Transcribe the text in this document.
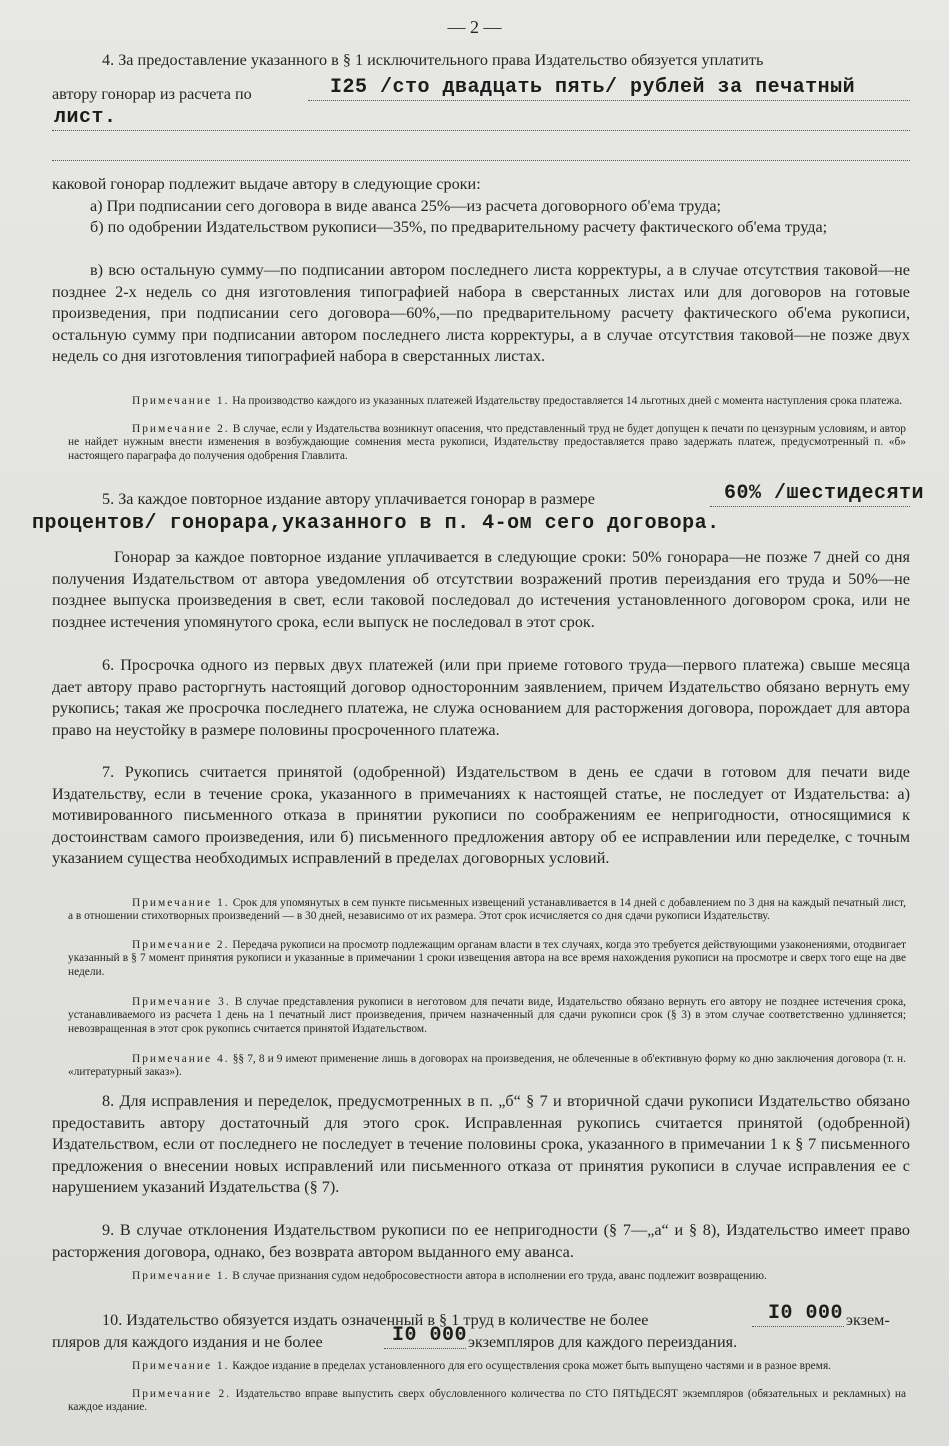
— 2 —

4. За предоставление указанного в § 1 исключительного права Издательство обязуется уплатить

автору гонорар из расчета по	I25 /сто двадцать пять/ рублей за печатный
лист.

каковой гонорар подлежит выдаче автору в следующие сроки:

а) При подписании сего договора в виде аванса 25%—из расчета договорного об'ема труда;

б) по одобрении Издательством рукописи—35%, по предварительному расчету фактического об'ема труда;

в) всю остальную сумму—по подписании автором последнего листа корректуры, а в случае отсутствия таковой—не позднее 2-х недель со дня изготовления типографией набора в сверстанных листах или для договоров на готовые произведения, при подписании сего договора—60%,—по предварительному расчету фактического об'ема рукописи, остальную сумму при подписании автором последнего листа корректуры, а в случае отсутствия таковой—не позже двух недель со дня изготовления типографией набора в сверстанных листах.

Примечание 1. На производство каждого из указанных платежей Издательству предоставляется 14 льготных дней с момента наступления срока платежа.

Примечание 2. В случае, если у Издательства возникнут опасения, что представленный труд не будет допущен к печати по цензурным условиям, и автор не найдет нужным внести изменения в возбуждающие сомнения места рукописи, Издательству предоставляется право задержать платеж, предусмотренный п. «б» настоящего параграфа до получения одобрения Главлита.

5. За каждое повторное издание автору уплачивается гонорар в размере	60% /шестидесяти
процентов/ гонорара,указанного в п. 4-ом сего договора.

Гонорар за каждое повторное издание уплачивается в следующие сроки: 50% гонорара—не позже 7 дней со дня получения Издательством от автора уведомления об отсутствии возражений против переиздания его труда и 50%—не позднее выпуска произведения в свет, если таковой последовал до истечения установленного договором срока, или не позднее истечения упомянутого срока, если выпуск не последовал в этот срок.

6. Просрочка одного из первых двух платежей (или при приеме готового труда—первого платежа) свыше месяца дает автору право расторгнуть настоящий договор односторонним заявлением, причем Издательство обязано вернуть ему рукопись; такая же просрочка последнего платежа, не служа основанием для расторжения договора, порождает для автора право на неустойку в размере половины просроченного платежа.

7. Рукопись считается принятой (одобренной) Издательством в день ее сдачи в готовом для печати виде Издательству, если в течение срока, указанного в примечаниях к настоящей статье, не последует от Издательства: а) мотивированного письменного отказа в принятии рукописи по соображениям ее непригодности, относящимися к достоинствам самого произведения, или б) письменного предложения автору об ее исправлении или переделке, с точным указанием существа необходимых исправлений в пределах договорных условий.

Примечание 1. Срок для упомянутых в сем пункте письменных извещений устанавливается в 14 дней с добавлением по 3 дня на каждый печатный лист, а в отношении стихотворных произведений — в 30 дней, независимо от их размера. Этот срок исчисляется со дня сдачи рукописи Издательству.

Примечание 2. Передача рукописи на просмотр подлежащим органам власти в тех случаях, когда это требуется действующими узаконениями, отодвигает указанный в § 7 момент принятия рукописи и указанные в примечании 1 сроки извещения автора на все время нахождения рукописи на просмотре и сверх того еще на две недели.

Примечание 3. В случае представления рукописи в неготовом для печати виде, Издательство обязано вернуть его автору не позднее истечения срока, устанавливаемого из расчета 1 день на 1 печатный лист произведения, причем назначенный для сдачи рукописи срок (§ 3) в этом случае соответственно удлиняется; невозвращенная в этот срок рукопись считается принятой Издательством.

Примечание 4. §§ 7, 8 и 9 имеют применение лишь в договорах на произведения, не облеченные в об'ективную форму ко дню заключения договора (т. н. «литературный заказ»).

8. Для исправления и переделок, предусмотренных в п. „б“ § 7 и вторичной сдачи рукописи Издательство обязано предоставить автору достаточный для этого срок. Исправленная рукопись считается принятой (одобренной) Издательством, если от последнего не последует в течение половины срока, указанного в примечании 1 к § 7 письменного предложения о внесении новых исправлений или письменного отказа от принятия рукописи в случае исправления ее с нарушением указаний Издательства (§ 7).

9. В случае отклонения Издательством рукописи по ее непригодности (§ 7—„а“ и § 8), Издательство имеет право расторжения договора, однако, без возврата автором выданного ему аванса.

Примечание 1. В случае признания судом недобросовестности автора в исполнении его труда, аванс подлежит возвращению.

10. Издательство обязуется издать означенный в § 1 труд в количестве не более	I0 000 экзем-
пляров для каждого издания и не более	I0 000 экземпляров для каждого переиздания.

Примечание 1. Каждое издание в пределах установленного для его осуществления срока может быть выпущено частями и в разное время.

Примечание 2. Издательство вправе выпустить сверх обусловленного количества по СТО ПЯТЬДЕСЯТ экземпляров (обязательных и рекламных) на каждое издание.
